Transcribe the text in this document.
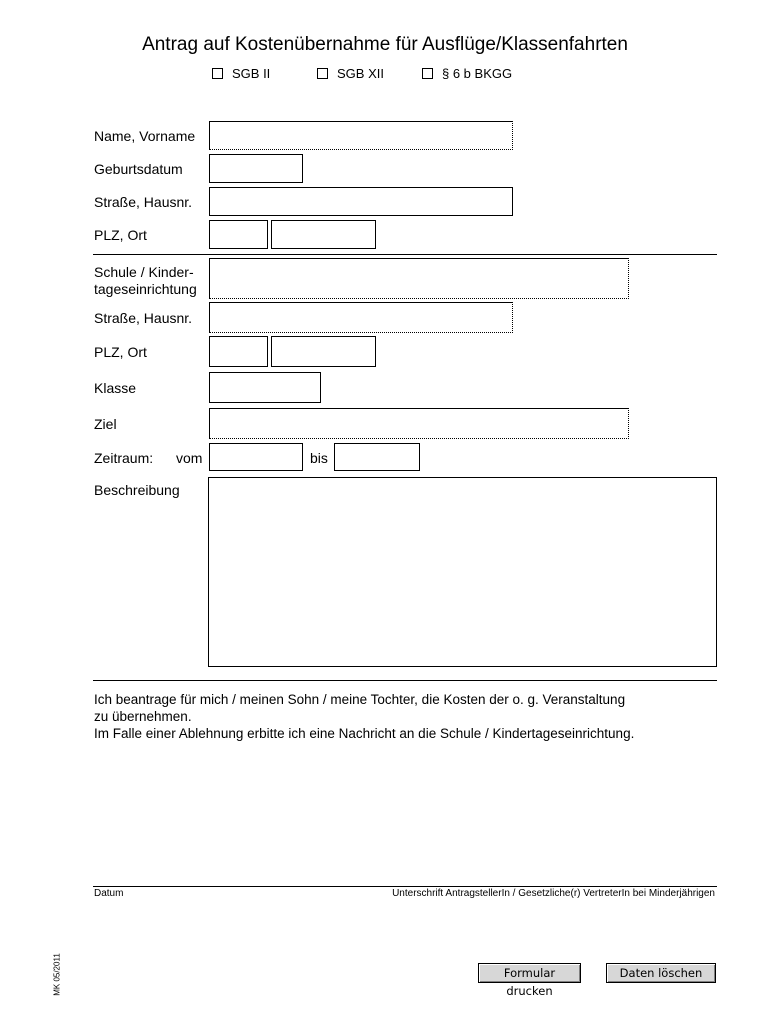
Antrag auf Kostenübernahme für Ausflüge/Klassenfahrten
SGB II	SGB XII	§ 6 b BKGG
Name, Vorname
Geburtsdatum
Straße, Hausnr.
PLZ, Ort
Schule / Kinder-
tageseinrichtung
Straße, Hausnr.
PLZ, Ort
Klasse
Ziel
Zeitraum: vom	bis
Beschreibung
Ich beantrage für mich / meinen Sohn / meine Tochter, die Kosten der o. g. Veranstaltung
zu übernehmen.
Im Falle einer Ablehnung erbitte ich eine Nachricht an die Schule / Kindertageseinrichtung.
Datum	Unterschrift AntragstellerIn / Gesetzliche(r) VertreterIn bei Minderjährigen
Formular drucken
Daten löschen
MK 05/2011
